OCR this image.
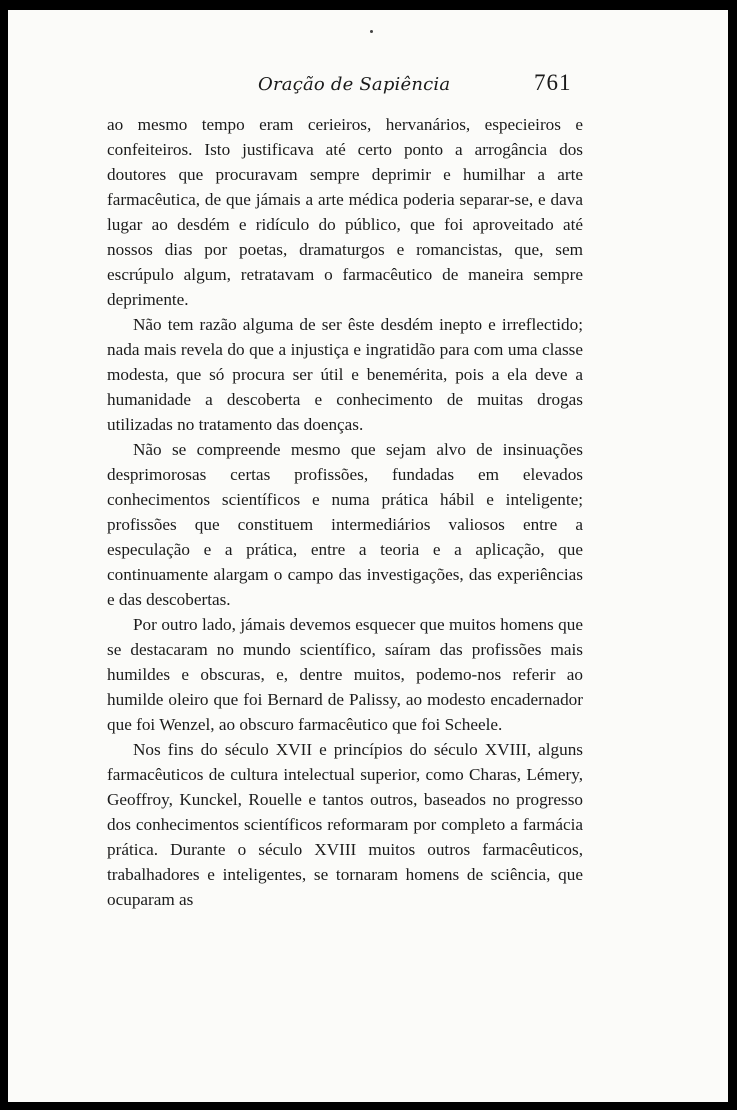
Oração de Sapiência	761

ao mesmo tempo eram cerieiros, hervanários, especieiros e confeiteiros. Isto justificava até certo ponto a arrogância dos doutores que procuravam sempre deprimir e humilhar a arte farmacêutica, de que jámais a arte médica poderia separar-se, e dava lugar ao desdém e ridículo do público, que foi aproveitado até nossos dias por poetas, dramaturgos e romancistas, que, sem escrúpulo algum, retratavam o farmacêutico de maneira sempre deprimente.

Não tem razão alguma de ser êste desdém inepto e irreflectido; nada mais revela do que a injustiça e ingratidão para com uma classe modesta, que só procura ser útil e benemérita, pois a ela deve a humanidade a descoberta e conhecimento de muitas drogas utilizadas no tratamento das doenças.

Não se compreende mesmo que sejam alvo de insinuações desprimorosas certas profissões, fundadas em elevados conhecimentos scientíficos e numa prática hábil e inteligente; profissões que constituem intermediários valiosos entre a especulação e a prática, entre a teoria e a aplicação, que continuamente alargam o campo das investigações, das experiências e das descobertas.

Por outro lado, jámais devemos esquecer que muitos homens que se destacaram no mundo scientífico, saíram das profissões mais humildes e obscuras, e, dentre muitos, podemo-nos referir ao humilde oleiro que foi Bernard de Palissy, ao modesto encadernador que foi Wenzel, ao obscuro farmacêutico que foi Scheele.

Nos fins do século XVII e princípios do século XVIII, alguns farmacêuticos de cultura intelectual superior, como Charas, Lémery, Geoffroy, Kunckel, Rouelle e tantos outros, baseados no progresso dos conhecimentos scientíficos reformaram por completo a farmácia prática. Durante o século XVIII muitos outros farmacêuticos, trabalhadores e inteligentes, se tornaram homens de sciência, que ocuparam as
